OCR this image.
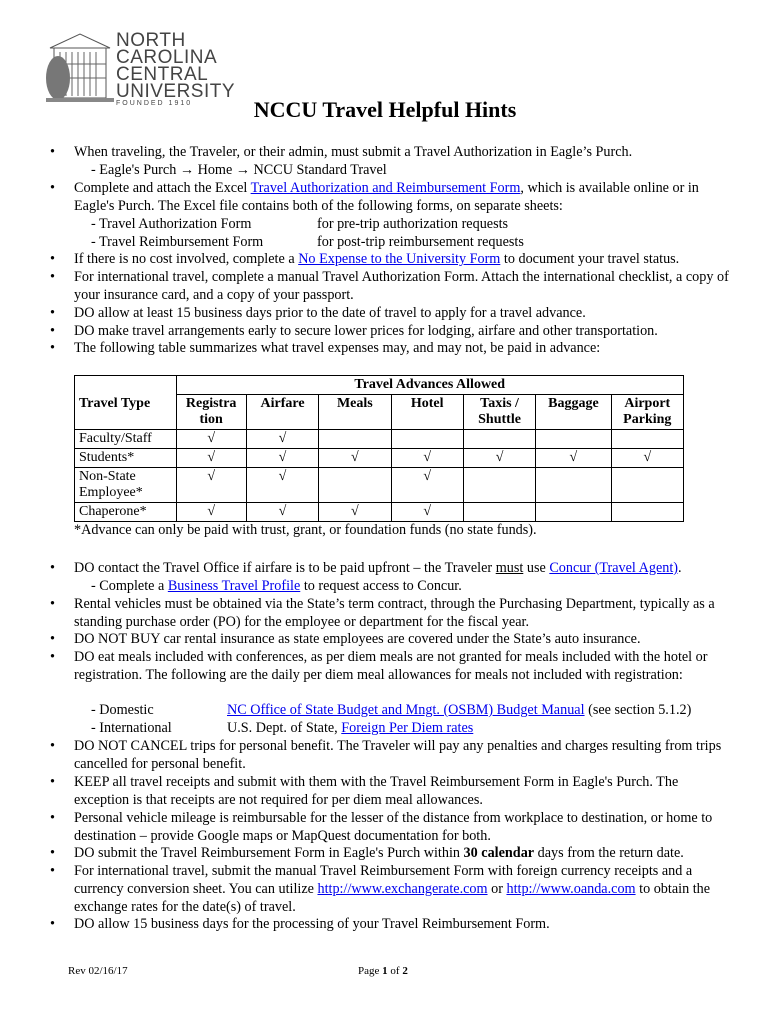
NORTH
CAROLINA
CENTRAL
UNIVERSITY
FOUNDED 1910	NCCU Travel Helpful Hints
• When traveling, the Traveler, or their admin, must submit a Travel Authorization in Eagle’s Purch.
- Eagle's Purch → Home → NCCU Standard Travel
• Complete and attach the Excel Travel Authorization and Reimbursement Form, which is available online or in Eagle's Purch. The Excel file contains both of the following forms, on separate sheets:
- Travel Authorization Form	for pre-trip authorization requests
- Travel Reimbursement Form	for post-trip reimbursement requests
• If there is no cost involved, complete a No Expense to the University Form to document your travel status.
• For international travel, complete a manual Travel Authorization Form. Attach the international checklist, a copy of your insurance card, and a copy of your passport.
• DO allow at least 15 business days prior to the date of travel to apply for a travel advance.
• DO make travel arrangements early to secure lower prices for lodging, airfare and other transportation.
• The following table summarizes what travel expenses may, and may not, be paid in advance:
	Travel Advances Allowed						
Travel Type	Registra tion	Airfare	Meals	Hotel	Taxis / Shuttle	Baggage	Airport Parking
Faculty/Staff	√	√					
Students*	√	√	√	√	√	√	√
Non-State Employee*	√	√		√			
Chaperone*	√	√	√	√			
*Advance can only be paid with trust, grant, or foundation funds (no state funds).
• DO contact the Travel Office if airfare is to be paid upfront – the Traveler must use Concur (Travel Agent).
- Complete a Business Travel Profile to request access to Concur.
• Rental vehicles must be obtained via the State’s term contract, through the Purchasing Department, typically as a standing purchase order (PO) for the employee or department for the fiscal year.
• DO NOT BUY car rental insurance as state employees are covered under the State’s auto insurance.
• DO eat meals included with conferences, as per diem meals are not granted for meals included with the hotel or registration. The following are the daily per diem meal allowances for meals not included with registration:
- Domestic	NC Office of State Budget and Mngt. (OSBM) Budget Manual (see section 5.1.2)
- International	U.S. Dept. of State, Foreign Per Diem rates
• DO NOT CANCEL trips for personal benefit. The Traveler will pay any penalties and charges resulting from trips cancelled for personal benefit.
• KEEP all travel receipts and submit with them with the Travel Reimbursement Form in Eagle's Purch. The exception is that receipts are not required for per diem meal allowances.
• Personal vehicle mileage is reimbursable for the lesser of the distance from workplace to destination, or home to destination – provide Google maps or MapQuest documentation for both.
• DO submit the Travel Reimbursement Form in Eagle's Purch within 30 calendar days from the return date.
• For international travel, submit the manual Travel Reimbursement Form with foreign currency receipts and a currency conversion sheet. You can utilize http://www.exchangerate.com or http://www.oanda.com to obtain the exchange rates for the date(s) of travel.
• DO allow 15 business days for the processing of your Travel Reimbursement Form.
Rev 02/16/17	Page 1 of 2
